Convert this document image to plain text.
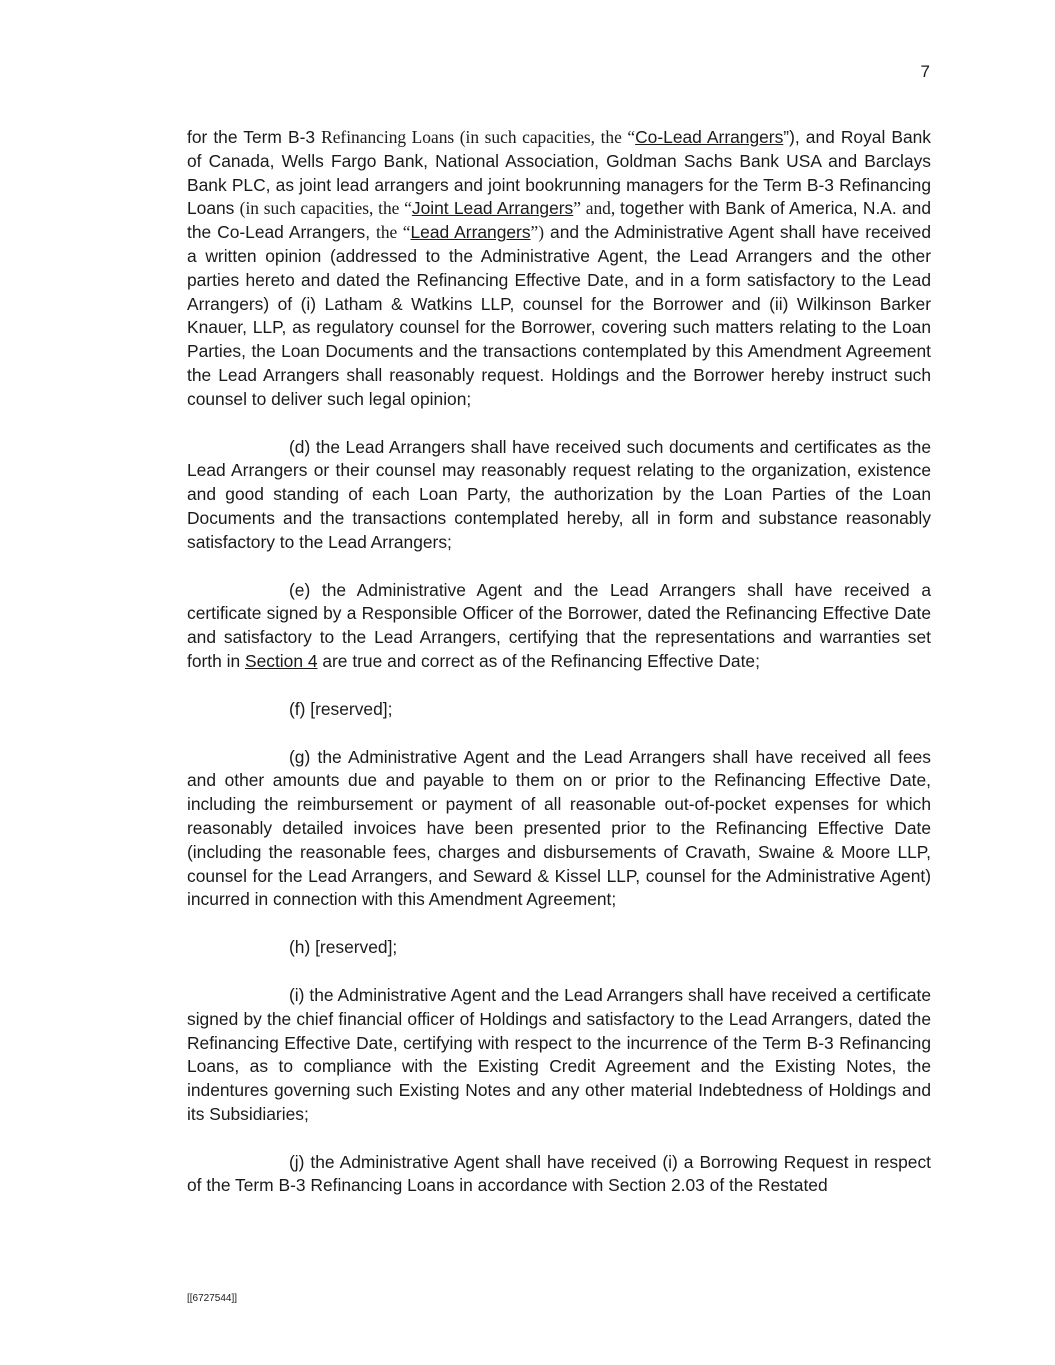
7

for the Term B-3 Refinancing Loans (in such capacities, the “Co-Lead Arrangers”), and Royal Bank of Canada, Wells Fargo Bank, National Association, Goldman Sachs Bank USA and Barclays Bank PLC, as joint lead arrangers and joint bookrunning managers for the Term B-3 Refinancing Loans (in such capacities, the “Joint Lead Arrangers” and, together with Bank of America, N.A. and the Co-Lead Arrangers, the “Lead Arrangers”) and the Administrative Agent shall have received a written opinion (addressed to the Administrative Agent, the Lead Arrangers and the other parties hereto and dated the Refinancing Effective Date, and in a form satisfactory to the Lead Arrangers) of (i) Latham & Watkins LLP, counsel for the Borrower and (ii) Wilkinson Barker Knauer, LLP, as regulatory counsel for the Borrower, covering such matters relating to the Loan Parties, the Loan Documents and the transactions contemplated by this Amendment Agreement the Lead Arrangers shall reasonably request. Holdings and the Borrower hereby instruct such counsel to deliver such legal opinion;

(d) the Lead Arrangers shall have received such documents and certificates as the Lead Arrangers or their counsel may reasonably request relating to the organization, existence and good standing of each Loan Party, the authorization by the Loan Parties of the Loan Documents and the transactions contemplated hereby, all in form and substance reasonably satisfactory to the Lead Arrangers;

(e) the Administrative Agent and the Lead Arrangers shall have received a certificate signed by a Responsible Officer of the Borrower, dated the Refinancing Effective Date and satisfactory to the Lead Arrangers, certifying that the representations and warranties set forth in Section 4 are true and correct as of the Refinancing Effective Date;

(f) [reserved];

(g) the Administrative Agent and the Lead Arrangers shall have received all fees and other amounts due and payable to them on or prior to the Refinancing Effective Date, including the reimbursement or payment of all reasonable out-of-pocket expenses for which reasonably detailed invoices have been presented prior to the Refinancing Effective Date (including the reasonable fees, charges and disbursements of Cravath, Swaine & Moore LLP, counsel for the Lead Arrangers, and Seward & Kissel LLP, counsel for the Administrative Agent) incurred in connection with this Amendment Agreement;

(h) [reserved];

(i) the Administrative Agent and the Lead Arrangers shall have received a certificate signed by the chief financial officer of Holdings and satisfactory to the Lead Arrangers, dated the Refinancing Effective Date, certifying with respect to the incurrence of the Term B-3 Refinancing Loans, as to compliance with the Existing Credit Agreement and the Existing Notes, the indentures governing such Existing Notes and any other material Indebtedness of Holdings and its Subsidiaries;

(j) the Administrative Agent shall have received (i) a Borrowing Request in respect of the Term B-3 Refinancing Loans in accordance with Section 2.03 of the Restated

[[6727544]]
